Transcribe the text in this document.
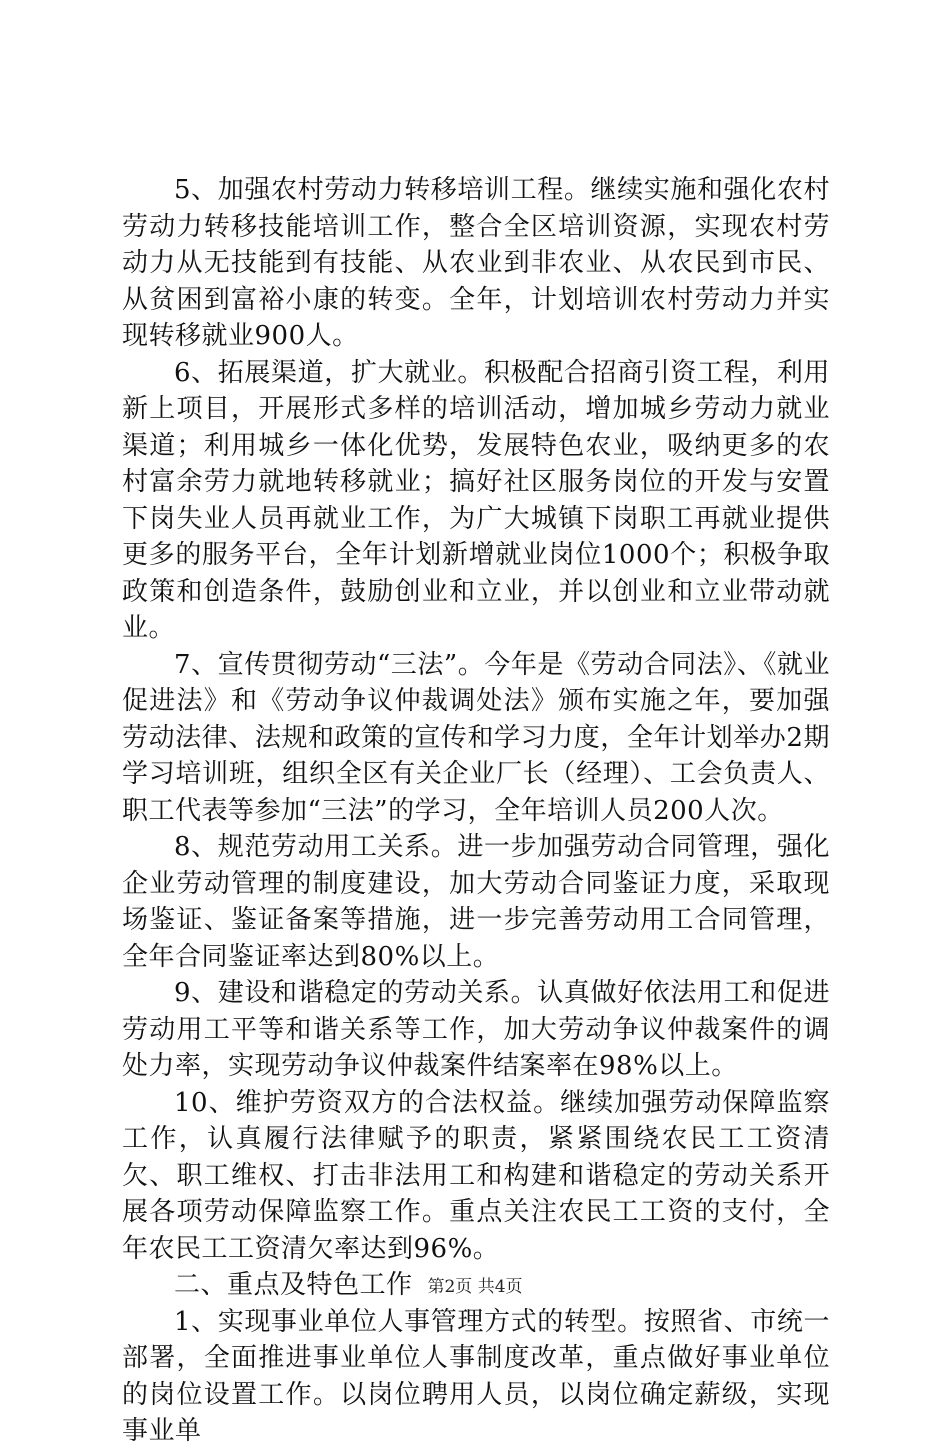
5、加强农村劳动力转移培训工程。继续实施和强化农村劳动力转移技能培训工作，整合全区培训资源，实现农村劳动力从无技能到有技能、从农业到非农业、从农民到市民、从贫困到富裕小康的转变。全年，计划培训农村劳动力并实现转移就业900人。

6、拓展渠道，扩大就业。积极配合招商引资工程，利用新上项目，开展形式多样的培训活动，增加城乡劳动力就业渠道；利用城乡一体化优势，发展特色农业，吸纳更多的农村富余劳力就地转移就业；搞好社区服务岗位的开发与安置下岗失业人员再就业工作，为广大城镇下岗职工再就业提供更多的服务平台，全年计划新增就业岗位1000个；积极争取政策和创造条件，鼓励创业和立业，并以创业和立业带动就业。

7、宣传贯彻劳动“三法”。今年是《劳动合同法》、《就业促进法》和《劳动争议仲裁调处法》颁布实施之年，要加强劳动法律、法规和政策的宣传和学习力度，全年计划举办2期学习培训班，组织全区有关企业厂长（经理）、工会负责人、职工代表等参加“三法”的学习，全年培训人员200人次。

8、规范劳动用工关系。进一步加强劳动合同管理，强化企业劳动管理的制度建设，加大劳动合同鉴证力度，采取现场鉴证、鉴证备案等措施，进一步完善劳动用工合同管理，全年合同鉴证率达到80%以上。

9、建设和谐稳定的劳动关系。认真做好依法用工和促进劳动用工平等和谐关系等工作，加大劳动争议仲裁案件的调处力率，实现劳动争议仲裁案件结案率在98%以上。

10、维护劳资双方的合法权益。继续加强劳动保障监察工作，认真履行法律赋予的职责，紧紧围绕农民工工资清欠、职工维权、打击非法用工和构建和谐稳定的劳动关系开展各项劳动保障监察工作。重点关注农民工工资的支付，全年农民工工资清欠率达到96%。

二、重点及特色工作

1、实现事业单位人事管理方式的转型。按照省、市统一部署，全面推进事业单位人事制度改革，重点做好事业单位的岗位设置工作。以岗位聘用人员，以岗位确定薪级，实现事业单

第2页 共4页
